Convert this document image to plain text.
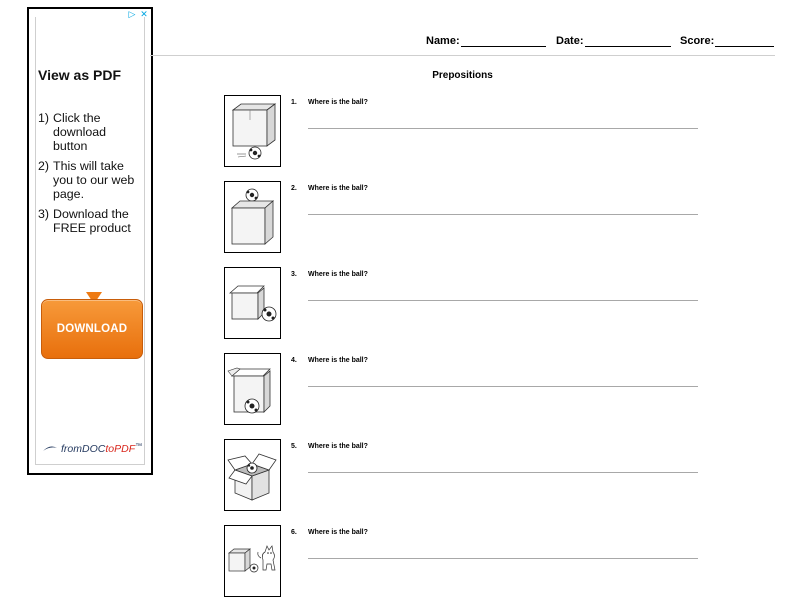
▷ ✕
View as PDF
1) Click the download button
2) This will take you to our web page.
3) Download the FREE product
DOWNLOAD
fromDOCtoPDF™
Name:	Date:	Score:
Prepositions
1. Where is the ball?
2. Where is the ball?
3. Where is the ball?
4. Where is the ball?
5. Where is the ball?
6. Where is the ball?
